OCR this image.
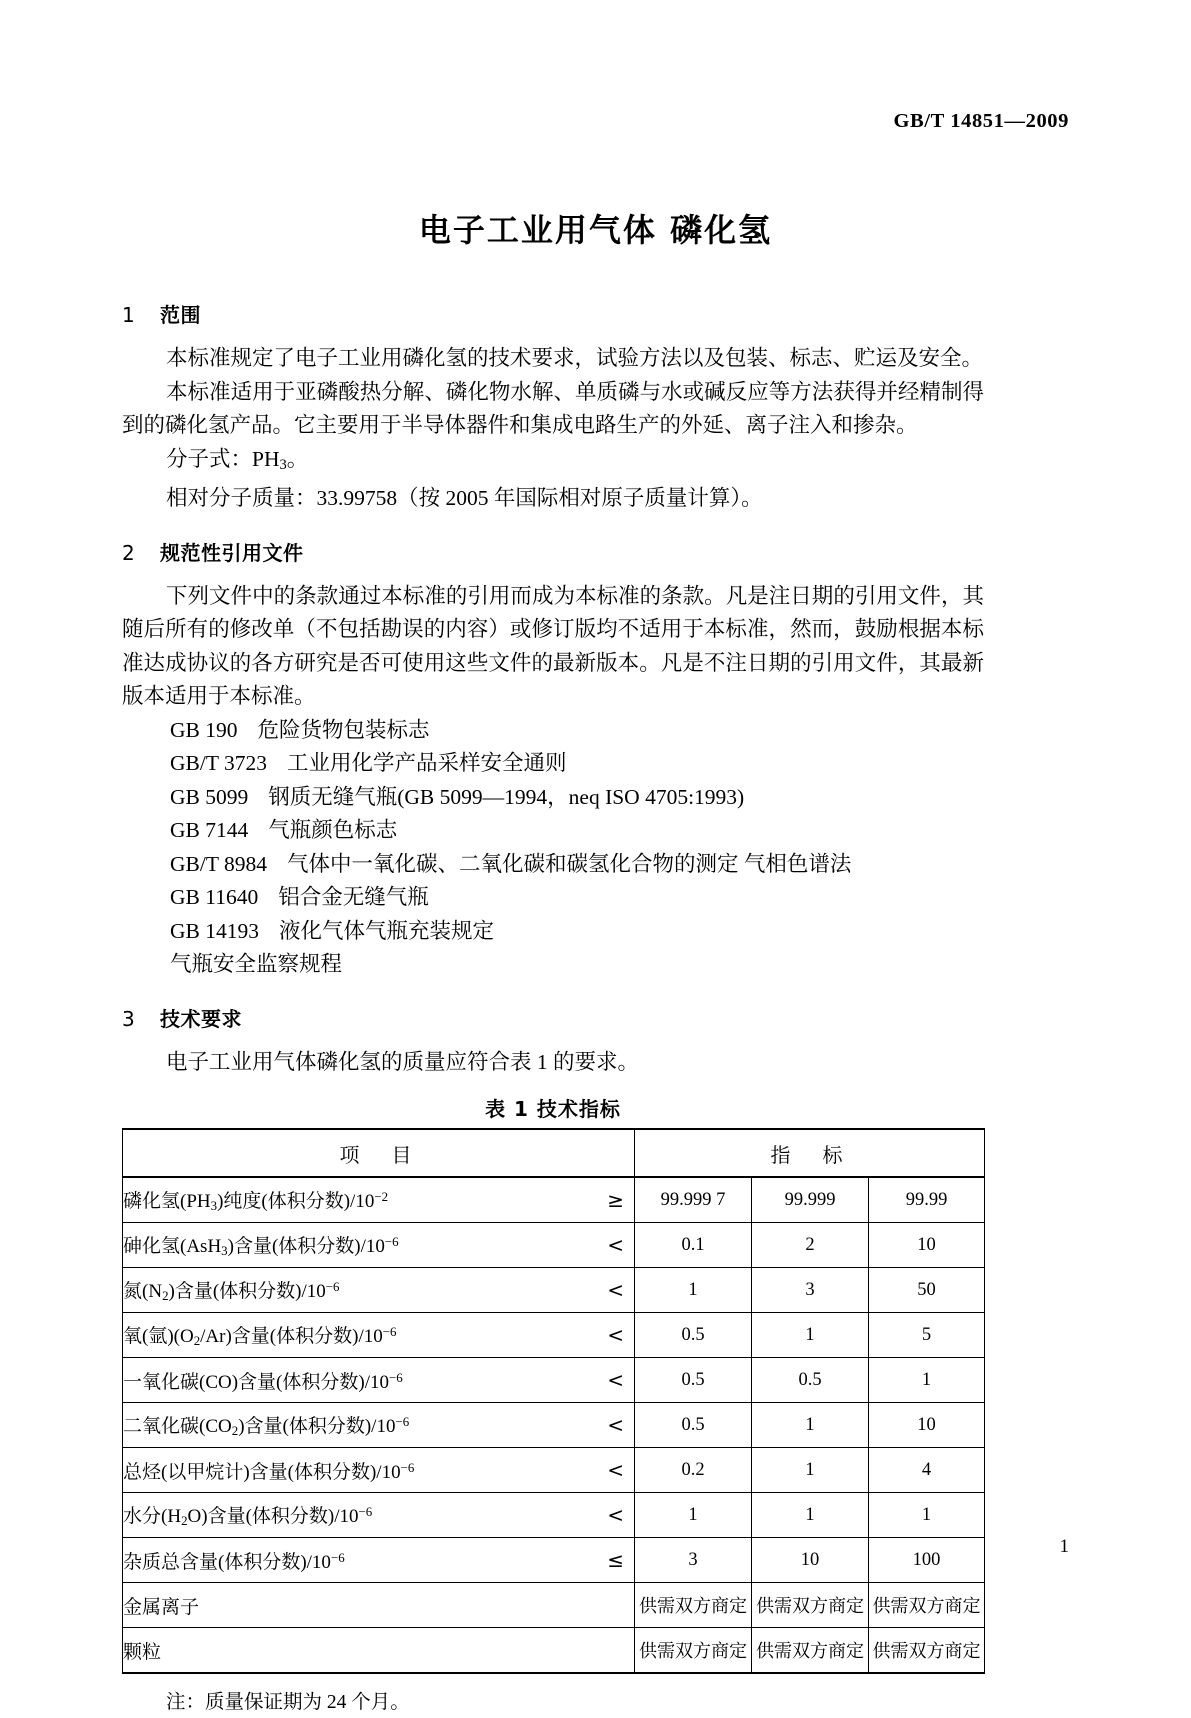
GB/T 14851—2009
电子工业用气体 磷化氢
1 范围

本标准规定了电子工业用磷化氢的技术要求，试验方法以及包装、标志、贮运及安全。

本标准适用于亚磷酸热分解、磷化物水解、单质磷与水或碱反应等方法获得并经精制得到的磷化氢产品。它主要用于半导体器件和集成电路生产的外延、离子注入和掺杂。

分子式：$PH_3$。

相对分子质量：33.99758（按 2005 年国际相对原子质量计算）。

2 规范性引用文件

下列文件中的条款通过本标准的引用而成为本标准的条款。凡是注日期的引用文件，其随后所有的修改单（不包括勘误的内容）或修订版均不适用于本标准，然而，鼓励根据本标准达成协议的各方研究是否可使用这些文件的最新版本。凡是不注日期的引用文件，其最新版本适用于本标准。

GB 190 危险货物包装标志

GB/T 3723 工业用化学产品采样安全通则

GB 5099 钢质无缝气瓶(GB 5099—1994，neq ISO 4705:1993)

GB 7144 气瓶颜色标志

GB/T 8984 气体中一氧化碳、二氧化碳和碳氢化合物的测定 气相色谱法

GB 11640 铝合金无缝气瓶

GB 14193 液化气体气瓶充装规定

气瓶安全监察规程

3 技术要求

电子工业用气体磷化氢的质量应符合表 1 的要求。

表 1 技术指标
项　目	指　标		
磷化氢$(PH_3)$纯度(体积分数)$/10^{-2}$ ≥	99.999 7	99.999	99.99
砷化氢(AsH$_3$)含量(体积分数)$/10^{-6}$ <	0.1	2	10
氮$(N_2)$含量(体积分数)$/10^{-6}$ <	1	3	50
氧(氩)$(O_2/Ar)$含量(体积分数)$/10^{-6}$ <	0.5	1	5
一氧化碳(CO)含量(体积分数)$/10^{-6}$ <	0.5	0.5	1
二氧化碳$(CO_2)$含量(体积分数)$/10^{-6}$ <	0.5	1	10
总烃(以甲烷计)含量(体积分数)$/10^{-6}$ <	0.2	1	4
水分$(H_2O)$含量(体积分数)$/10^{-6}$ <	1	1	1
杂质总含量(体积分数)$/10^{-6}$ ≤	3	10	100
金属离子	供需双方商定	供需双方商定	供需双方商定
颗粒	供需双方商定	供需双方商定	供需双方商定

注：质量保证期为 24 个月。

1
